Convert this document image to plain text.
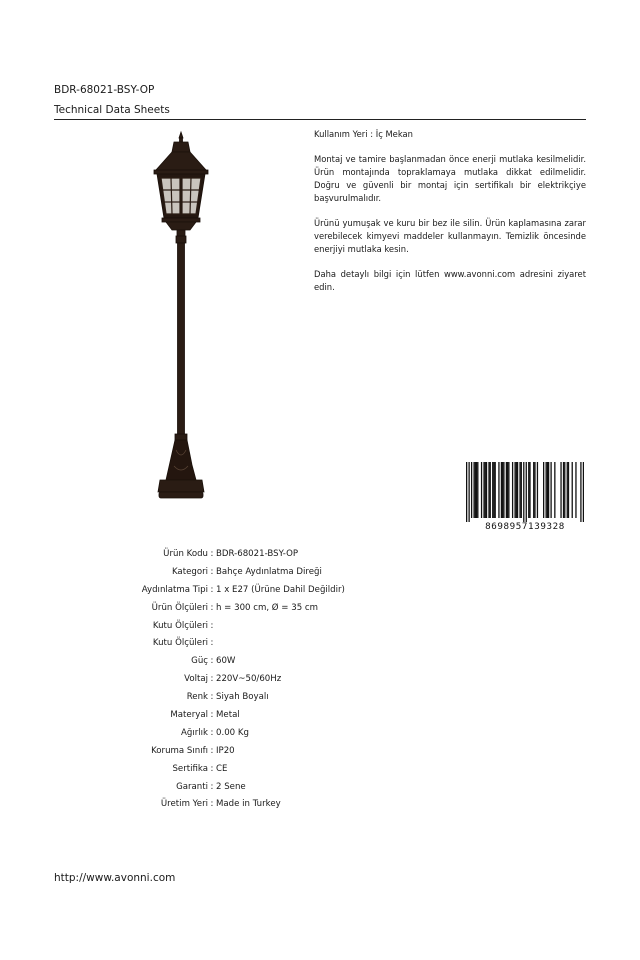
BDR-68021-BSY-OP
Technical Data Sheets

Kullanım Yeri : İç Mekan

Montaj ve tamire başlanmadan önce enerji mutlaka kesilmelidir. Ürün montajında topraklamaya mutlaka dikkat edilmelidir. Doğru ve güvenli bir montaj için sertifikalı bir elektrikçiye başvurulmalıdır.

Ürünü yumuşak ve kuru bir bez ile silin. Ürün kaplamasına zarar verebilecek kimyevi maddeler kullanmayın. Temizlik öncesinde enerjiyi mutlaka kesin.

Daha detaylı bilgi için lütfen www.avonni.com adresini ziyaret edin.

8698957139328
Ürün Kodu : BDR-68021-BSY-OP
Kategori : Bahçe Aydınlatma Direği
Aydınlatma Tipi : 1 x E27 (Ürüne Dahil Değildir)
Ürün Ölçüleri : h = 300 cm, Ø = 35 cm
Kutu Ölçüleri :
Kutu Ölçüleri :
Güç : 60W
Voltaj : 220V~50/60Hz
Renk : Siyah Boyalı
Materyal : Metal
Ağırlık : 0.00 Kg
Koruma Sınıfı : IP20
Sertifika : CE
Garanti : 2 Sene
Üretim Yeri : Made in Turkey
http://www.avonni.com
